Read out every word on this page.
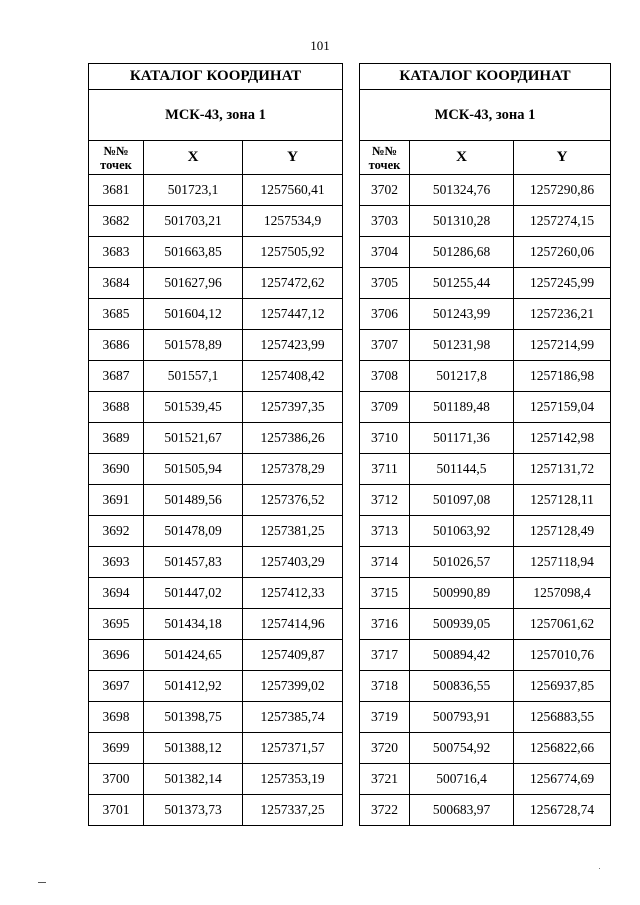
101
КАТАЛОГ КООРДИНАТ		
МСК-43, зона 1		
№№
точек	X	Y
3681	501723,1	1257560,41
3682	501703,21	1257534,9
3683	501663,85	1257505,92
3684	501627,96	1257472,62
3685	501604,12	1257447,12
3686	501578,89	1257423,99
3687	501557,1	1257408,42
3688	501539,45	1257397,35
3689	501521,67	1257386,26
3690	501505,94	1257378,29
3691	501489,56	1257376,52
3692	501478,09	1257381,25
3693	501457,83	1257403,29
3694	501447,02	1257412,33
3695	501434,18	1257414,96
3696	501424,65	1257409,87
3697	501412,92	1257399,02
3698	501398,75	1257385,74
3699	501388,12	1257371,57
3700	501382,14	1257353,19
3701	501373,73	1257337,25
КАТАЛОГ КООРДИНАТ		
МСК-43, зона 1		
№№
точек	X	Y
3702	501324,76	1257290,86
3703	501310,28	1257274,15
3704	501286,68	1257260,06
3705	501255,44	1257245,99
3706	501243,99	1257236,21
3707	501231,98	1257214,99
3708	501217,8	1257186,98
3709	501189,48	1257159,04
3710	501171,36	1257142,98
3711	501144,5	1257131,72
3712	501097,08	1257128,11
3713	501063,92	1257128,49
3714	501026,57	1257118,94
3715	500990,89	1257098,4
3716	500939,05	1257061,62
3717	500894,42	1257010,76
3718	500836,55	1256937,85
3719	500793,91	1256883,55
3720	500754,92	1256822,66
3721	500716,4	1256774,69
3722	500683,97	1256728,74
